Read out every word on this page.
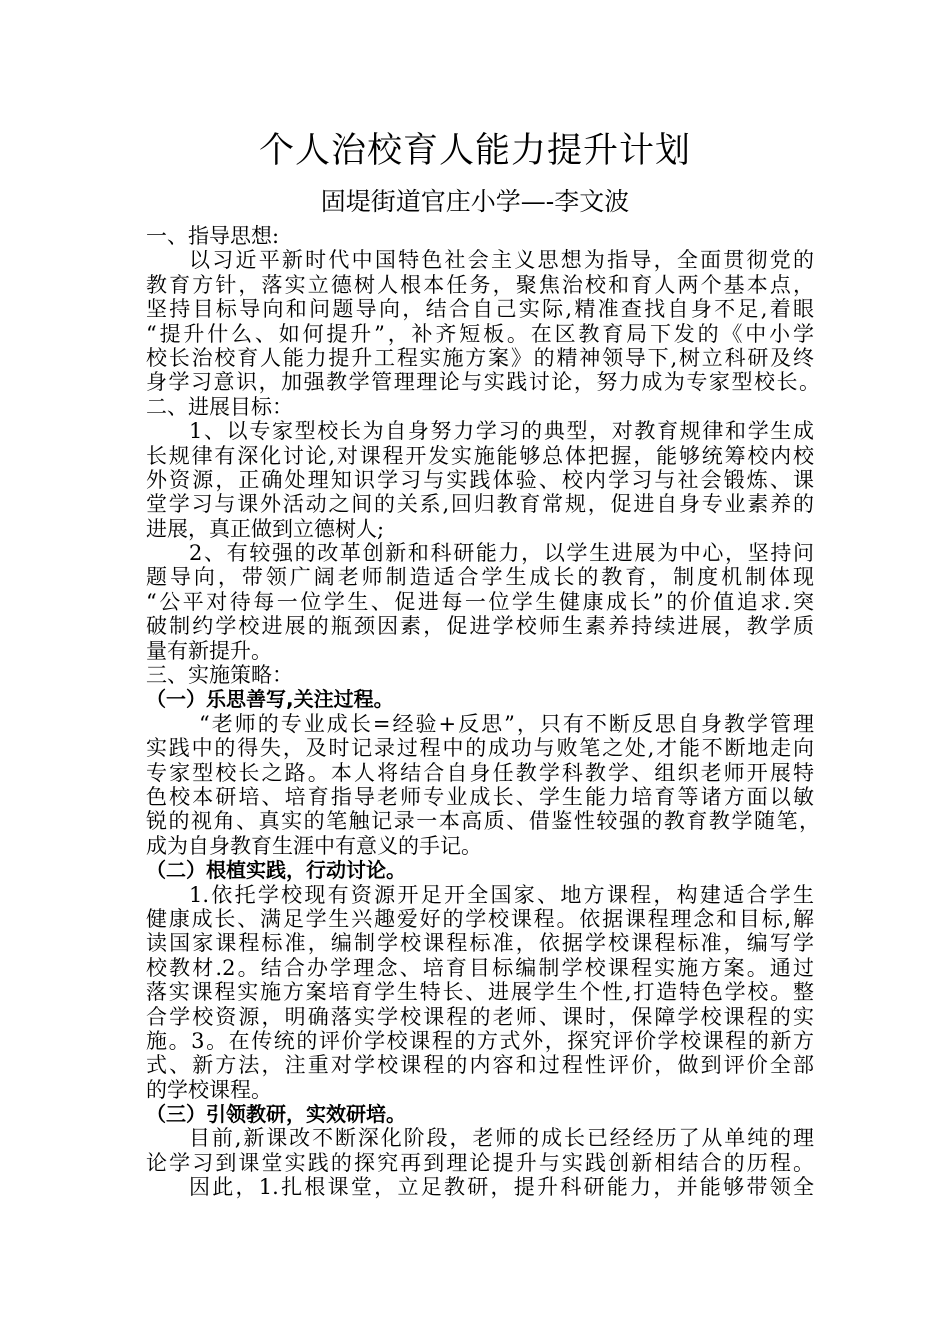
个人治校育人能力提升计划
固堤街道官庄小学—-李文波
一、指导思想:
以习近平新时代中国特色社会主义思想为指导，全面贯彻党的
教育方针，落实立德树人根本任务，聚焦治校和育人两个基本点，
坚持目标导向和问题导向，结合自己实际,精准查找自身不足,着眼
“提升什么、如何提升”，补齐短板。在区教育局下发的《中小学
校长治校育人能力提升工程实施方案》的精神领导下,树立科研及终
身学习意识，加强教学管理理论与实践讨论，努力成为专家型校长。
二、进展目标：
1、以专家型校长为自身努力学习的典型，对教育规律和学生成
长规律有深化讨论,对课程开发实施能够总体把握，能够统筹校内校
外资源，正确处理知识学习与实践体验、校内学习与社会锻炼、课
堂学习与课外活动之间的关系,回归教育常规，促进自身专业素养的
进展，真正做到立德树人;
2、有较强的改革创新和科研能力，以学生进展为中心，坚持问
题导向，带领广阔老师制造适合学生成长的教育，制度机制体现
“公平对待每一位学生、促进每一位学生健康成长”的价值追求.突
破制约学校进展的瓶颈因素，促进学校师生素养持续进展，教学质
量有新提升。
三、实施策略：
（一）乐思善写,关注过程。
“老师的专业成长=经验+反思”，只有不断反思自身教学管理
实践中的得失，及时记录过程中的成功与败笔之处,才能不断地走向
专家型校长之路。本人将结合自身任教学科教学、组织老师开展特
色校本研培、培育指导老师专业成长、学生能力培育等诸方面以敏
锐的视角、真实的笔触记录一本高质、借鉴性较强的教育教学随笔，
成为自身教育生涯中有意义的手记。
（二）根植实践，行动讨论。
1.依托学校现有资源开足开全国家、地方课程，构建适合学生
健康成长、满足学生兴趣爱好的学校课程。依据课程理念和目标,解
读国家课程标准，编制学校课程标准，依据学校课程标准，编写学
校教材.2。结合办学理念、培育目标编制学校课程实施方案。通过
落实课程实施方案培育学生特长、进展学生个性,打造特色学校。整
合学校资源，明确落实学校课程的老师、课时，保障学校课程的实
施。3。在传统的评价学校课程的方式外，探究评价学校课程的新方
式、新方法，注重对学校课程的内容和过程性评价，做到评价全部
的学校课程。
（三）引领教研，实效研培。
目前,新课改不断深化阶段，老师的成长已经经历了从单纯的理
论学习到课堂实践的探究再到理论提升与实践创新相结合的历程。
因此，1.扎根课堂，立足教研，提升科研能力，并能够带领全
